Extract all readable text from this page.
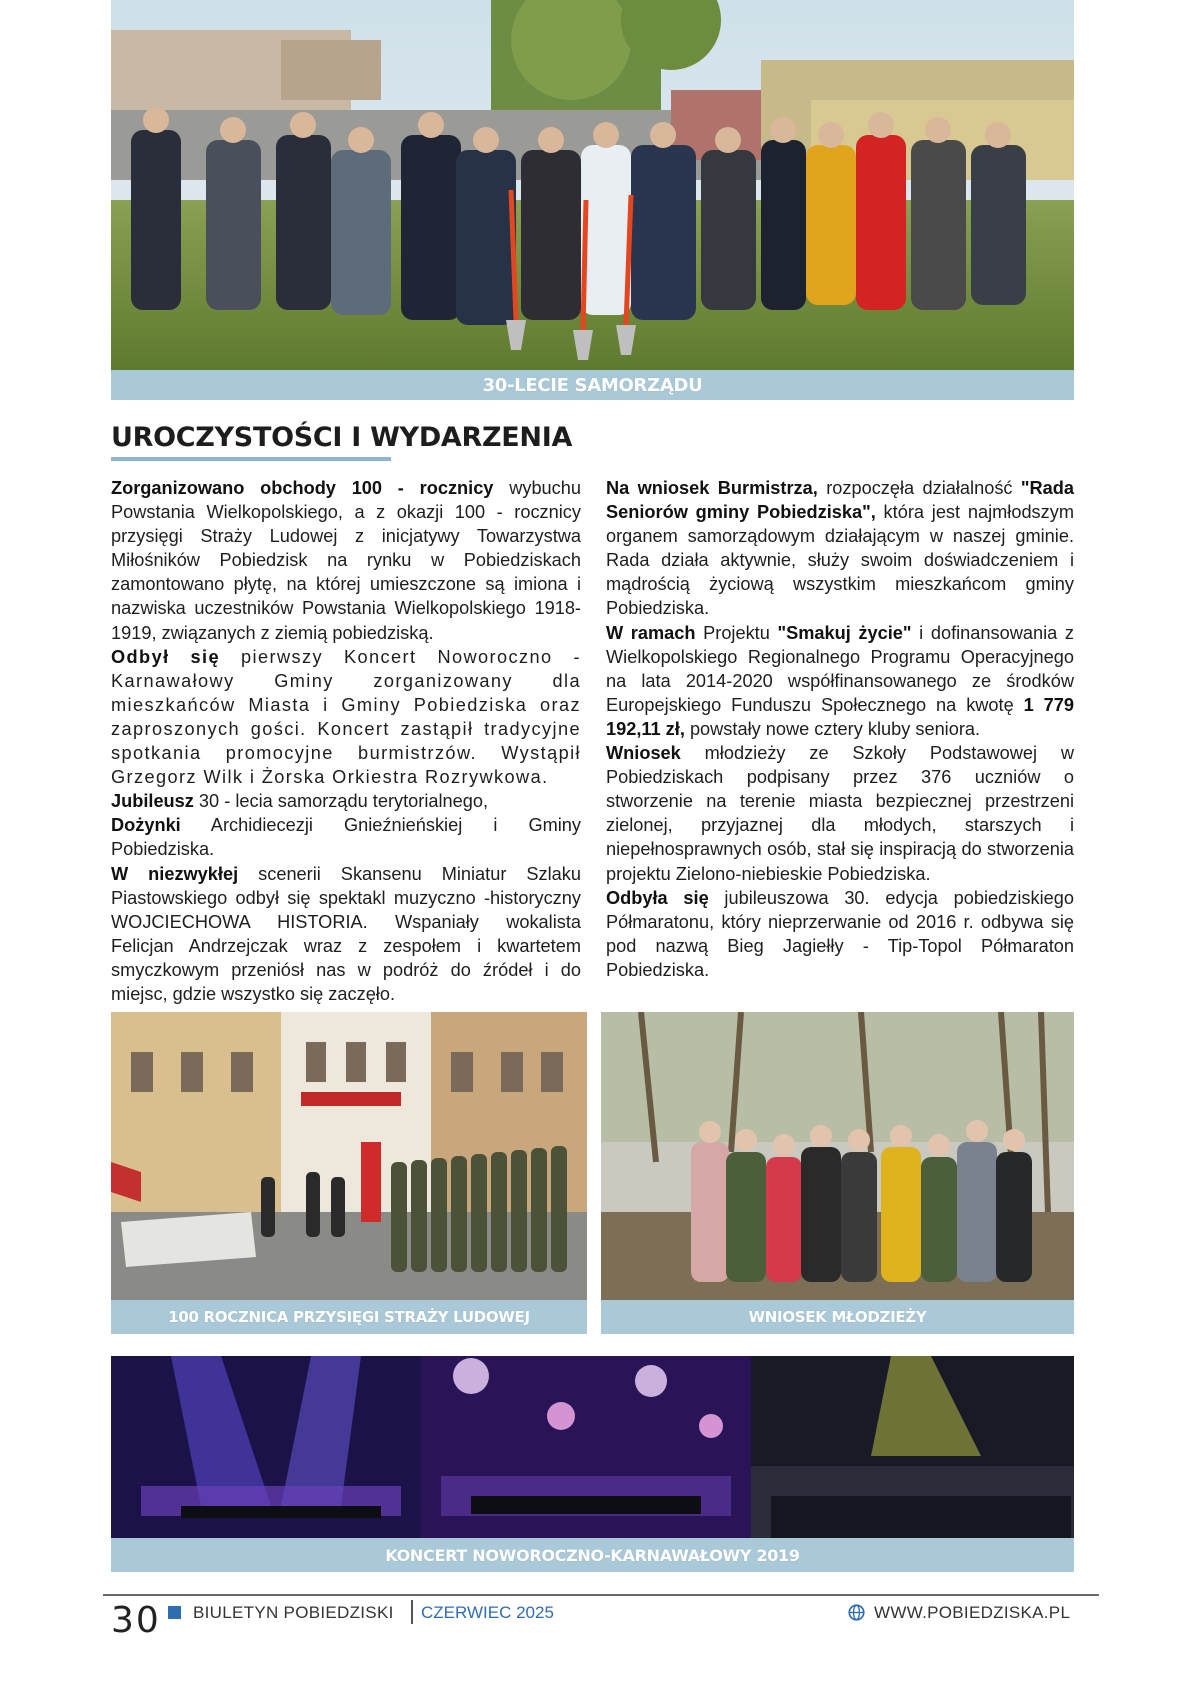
30-LECIE SAMORZĄDU
UROCZYSTOŚCI I WYDARZENIA

Zorganizowano obchody 100 - rocznicy wybuchu Powstania Wielkopolskiego, a z okazji 100 - rocznicy przysięgi Straży Ludowej z inicjatywy Towarzystwa Miłośników Pobiedzisk na rynku w Pobiedziskach zamontowano płytę, na której umieszczone są imiona i nazwiska uczestników Powstania Wielkopolskiego 1918-1919, związanych z ziemią pobiedziską.

Odbył się pierwszy Koncert Noworoczno -Karnawałowy Gminy zorganizowany dla mieszkańców Miasta i Gminy Pobiedziska oraz zaproszonych gości. Koncert zastąpił tradycyjne spotkania promocyjne burmistrzów. Wystąpił Grzegorz Wilk i Żorska Orkiestra Rozrywkowa.

Jubileusz 30 - lecia samorządu terytorialnego,

Dożynki Archidiecezji Gnieźnieńskiej i Gminy Pobiedziska.

W niezwykłej scenerii Skansenu Miniatur Szlaku Piastowskiego odbył się spektakl muzyczno -historyczny WOJCIECHOWA HISTORIA. Wspaniały wokalista Felicjan Andrzejczak wraz z zespołem i kwartetem smyczkowym przeniósł nas w podróż do źródeł i do miejsc, gdzie wszystko się zaczęło.

Na wniosek Burmistrza, rozpoczęła działalność "Rada Seniorów gminy Pobiedziska", która jest najmłodszym organem samorządowym działającym w naszej gminie. Rada działa aktywnie, służy swoim doświadczeniem i mądrością życiową wszystkim mieszkańcom gminy Pobiedziska.

W ramach Projektu "Smakuj życie" i dofinansowania z Wielkopolskiego Regionalnego Programu Operacyjnego na lata 2014-2020 współfinansowanego ze środków Europejskiego Funduszu Społecznego na kwotę 1 779 192,11 zł, powstały nowe cztery kluby seniora.

Wniosek młodzieży ze Szkoły Podstawowej w Pobiedziskach podpisany przez 376 uczniów o stworzenie na terenie miasta bezpiecznej przestrzeni zielonej, przyjaznej dla młodych, starszych i niepełnosprawnych osób, stał się inspiracją do stworzenia projektu Zielono-niebieskie Pobiedziska.

Odbyła się jubileuszowa 30. edycja pobiedziskiego Półmaratonu, który nieprzerwanie od 2016 r. odbywa się pod nazwą Bieg Jagiełły - Tip-Topol Półmaraton Pobiedziska.

100 ROCZNICA PRZYSIĘGI STRAŻY LUDOWEJ	WNIOSEK MŁODZIEŻY
KONCERT NOWOROCZNO-KARNAWAŁOWY 2019
30 BIULETYN POBIEDZISKI CZERWIEC 2025	WWW.POBIEDZISKA.PL
